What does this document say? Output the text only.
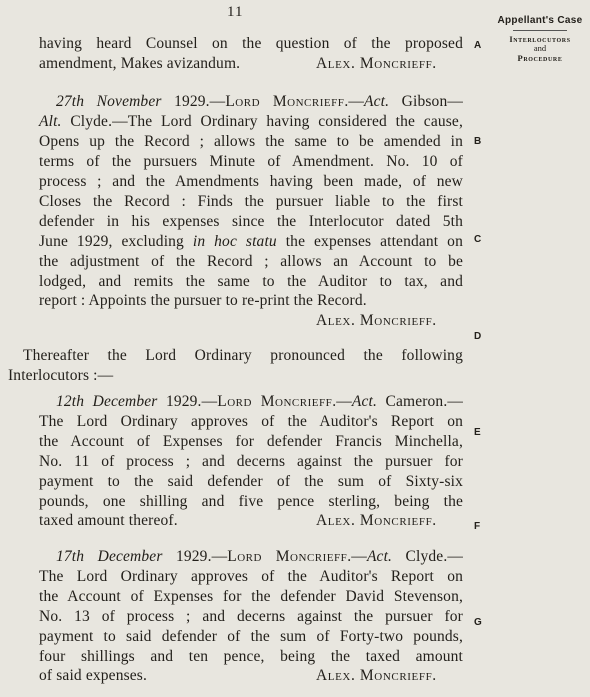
11
Appellant's Case
Interlocutors
and
Procedure
A
B
C
D
E
F
G
having heard Counsel on the question of the proposed
amendment, Makes avizandum.	Alex. Moncrieff.
27th November 1929.—Lord Moncrieff.—Act. Gibson—
Alt. Clyde.—The Lord Ordinary having considered the cause,
Opens up the Record ; allows the same to be amended in
terms of the pursuers Minute of Amendment. No. 10 of
process ; and the Amendments having been made, of new
Closes the Record : Finds the pursuer liable to the first
defender in his expenses since the Interlocutor dated 5th
June 1929, excluding in hoc statu the expenses attendant on
the adjustment of the Record ; allows an Account to be
lodged, and remits the same to the Auditor to tax, and
report : Appoints the pursuer to re-print the Record.
Alex. Moncrieff.
Thereafter the Lord Ordinary pronounced the following
Interlocutors :—
12th December 1929.—Lord Moncrieff.—Act. Cameron.—
The Lord Ordinary approves of the Auditor's Report on
the Account of Expenses for defender Francis Minchella,
No. 11 of process ; and decerns against the pursuer for
payment to the said defender of the sum of Sixty-six
pounds, one shilling and five pence sterling, being the
taxed amount thereof.	Alex. Moncrieff.
17th December 1929.—Lord Moncrieff.—Act. Clyde.—
The Lord Ordinary approves of the Auditor's Report on
the Account of Expenses for the defender David Stevenson,
No. 13 of process ; and decerns against the pursuer for
payment to said defender of the sum of Forty-two pounds,
four shillings and ten pence, being the taxed amount
of said expenses.	Alex. Moncrieff.
